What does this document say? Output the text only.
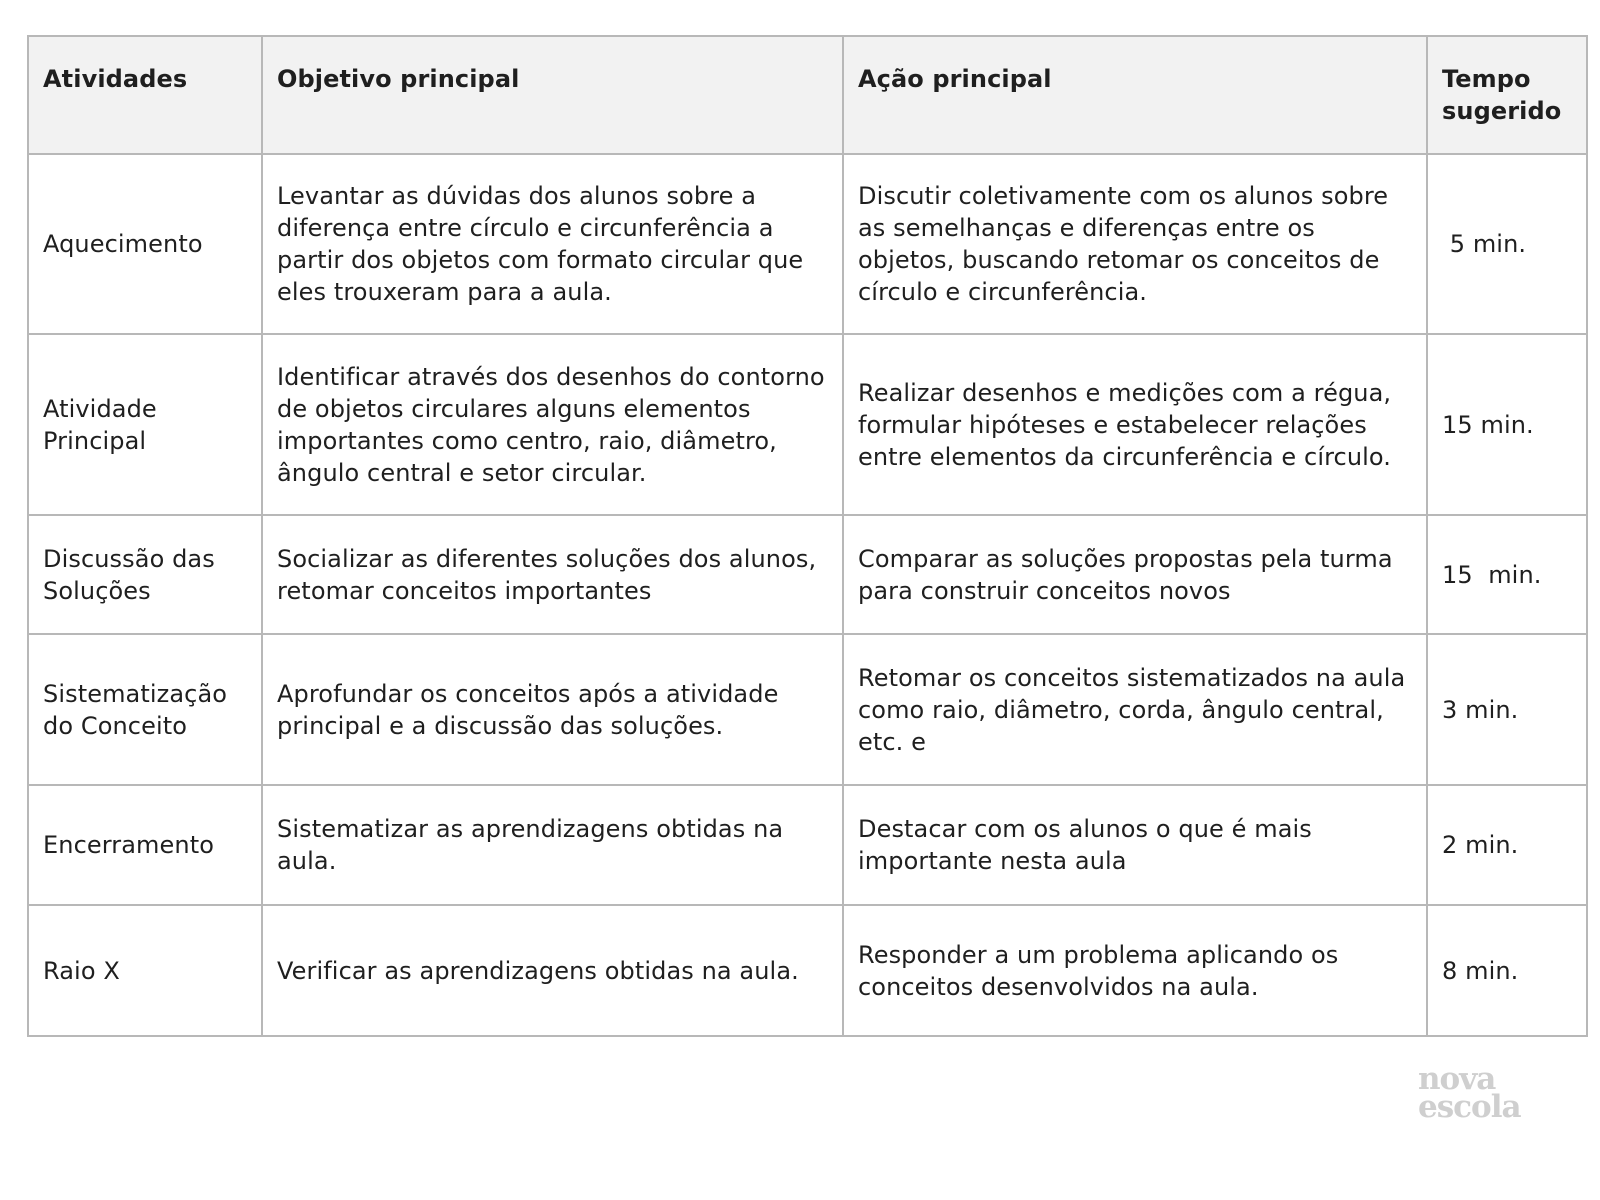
Atividades	Objetivo principal	Ação principal	Tempo sugerido
Aquecimento	Levantar as dúvidas dos alunos sobre a diferença entre círculo e circunferência a partir dos objetos com formato circular que eles trouxeram para a aula.	Discutir coletivamente com os alunos sobre as semelhanças e diferenças entre os objetos, buscando retomar os conceitos de círculo e circunferência.	5 min.
Atividade Principal	Identificar através dos desenhos do contorno de objetos circulares alguns elementos importantes como centro, raio, diâmetro, ângulo central e setor circular.	Realizar desenhos e medições com a régua, formular hipóteses e estabelecer relações entre elementos da circunferência e círculo.	15 min.
Discussão das Soluções	Socializar as diferentes soluções dos alunos, retomar conceitos importantes	Comparar as soluções propostas pela turma para construir conceitos novos	15  min.
Sistematização do Conceito	Aprofundar os conceitos após a atividade principal e a discussão das soluções.	Retomar os conceitos sistematizados na aula como raio, diâmetro, corda, ângulo central, etc. e	3 min.
Encerramento	Sistematizar as aprendizagens obtidas na aula.	Destacar com os alunos o que é mais importante nesta aula	2 min.
Raio X	Verificar as aprendizagens obtidas na aula.	Responder a um problema aplicando os conceitos desenvolvidos na aula.	8 min.
nova
escola
